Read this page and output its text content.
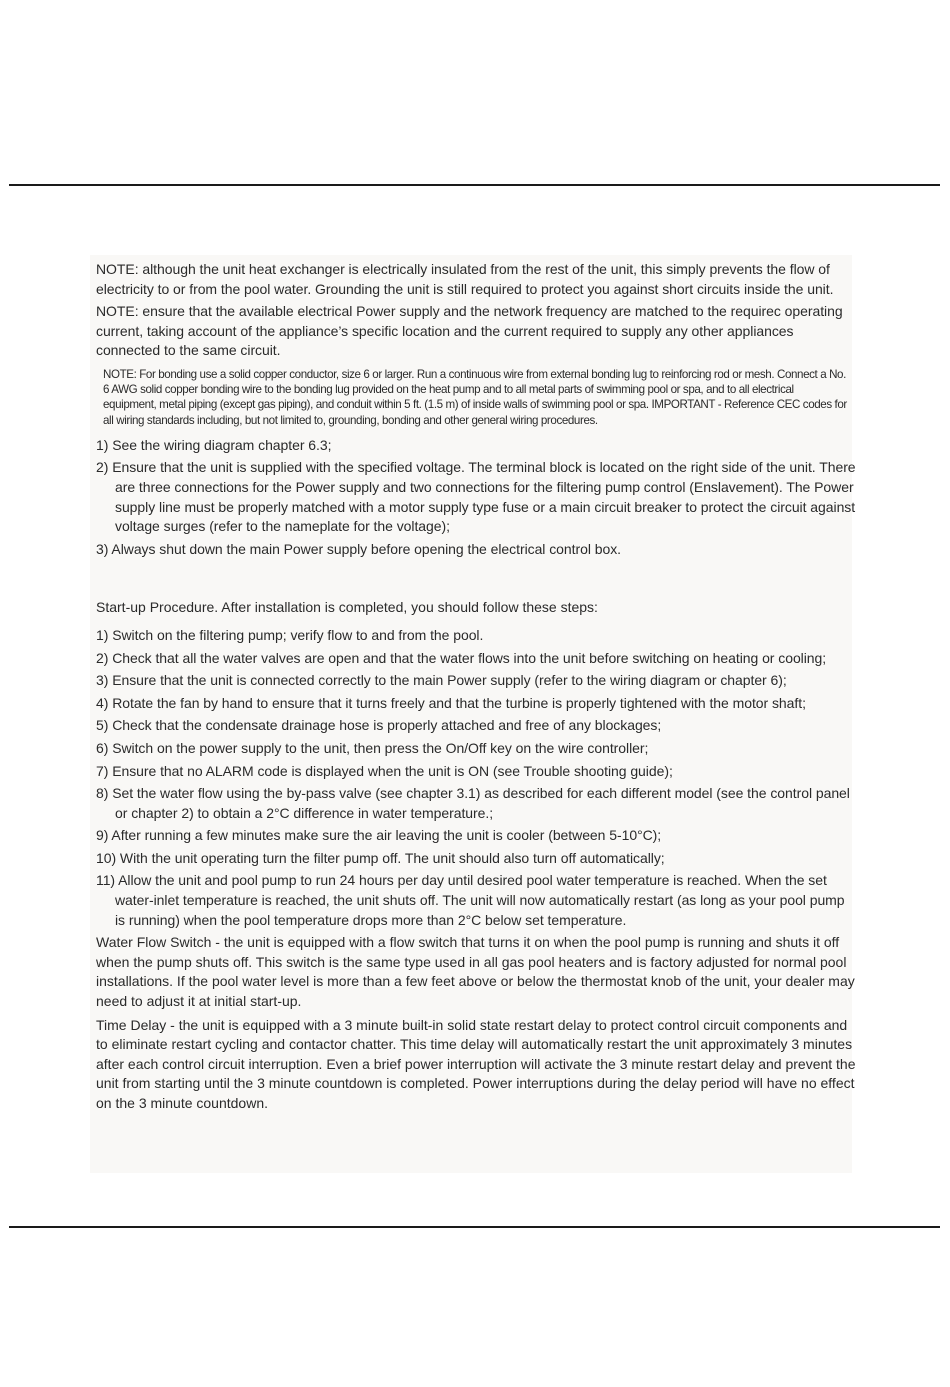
NOTE: although the unit heat exchanger is electrically insulated from the rest of the unit, this simply prevents the flow of electricity to or from the pool water. Grounding the unit is still required to protect you against short circuits inside the unit.

NOTE: ensure that the available electrical Power supply and the network frequency are matched to the requirec operating current, taking account of the appliance’s specific location and the current required to supply any other appliances connected to the same circuit.

NOTE: For bonding use a solid copper conductor, size 6 or larger. Run a continuous wire from external bonding lug to reinforcing rod or mesh. Connect a No. 6 AWG solid copper bonding wire to the bonding lug provided on the heat pump and to all metal parts of swimming pool or spa, and to all electrical equipment, metal piping (except gas piping), and conduit within 5 ft. (1.5 m) of inside walls of swimming pool or spa. IMPORTANT - Reference CEC codes for all wiring standards including, but not limited to, grounding, bonding and other general wiring procedures.

1) See the wiring diagram chapter 6.3;
2) Ensure that the unit is supplied with the specified voltage. The terminal block is located on the right side of the unit. There are three connections for the Power supply and two connections for the filtering pump control (Enslavement). The Power supply line must be properly matched with a motor supply type fuse or a main circuit breaker to protect the circuit against voltage surges (refer to the nameplate for the voltage);
3) Always shut down the main Power supply before opening the electrical control box.

Start-up Procedure. After installation is completed, you should follow these steps:

1) Switch on the filtering pump; verify flow to and from the pool.
2) Check that all the water valves are open and that the water flows into the unit before switching on heating or cooling;
3) Ensure that the unit is connected correctly to the main Power supply (refer to the wiring diagram or chapter 6);
4) Rotate the fan by hand to ensure that it turns freely and that the turbine is properly tightened with the motor shaft;
5) Check that the condensate drainage hose is properly attached and free of any blockages;
6) Switch on the power supply to the unit, then press the On/Off key on the wire controller;
7) Ensure that no ALARM code is displayed when the unit is ON (see Trouble shooting guide);
8) Set the water flow using the by-pass valve (see chapter 3.1) as described for each different model (see the control panel or chapter 2) to obtain a 2°C difference in water temperature.;
9) After running a few minutes make sure the air leaving the unit is cooler (between 5-10°C);
10) With the unit operating turn the filter pump off. The unit should also turn off automatically;
11) Allow the unit and pool pump to run 24 hours per day until desired pool water temperature is reached. When the set water-inlet temperature is reached, the unit shuts off. The unit will now automatically restart (as long as your pool pump is running) when the pool temperature drops more than 2°C below set temperature.

Water Flow Switch - the unit is equipped with a flow switch that turns it on when the pool pump is running and shuts it off when the pump shuts off. This switch is the same type used in all gas pool heaters and is factory adjusted for normal pool installations. If the pool water level is more than a few feet above or below the thermostat knob of the unit, your dealer may need to adjust it at initial start-up.

Time Delay - the unit is equipped with a 3 minute built-in solid state restart delay to protect control circuit components and to eliminate restart cycling and contactor chatter. This time delay will automatically restart the unit approximately 3 minutes after each control circuit interruption. Even a brief power interruption will activate the 3 minute restart delay and prevent the unit from starting until the 3 minute countdown is completed. Power interruptions during the delay period will have no effect on the 3 minute countdown.
